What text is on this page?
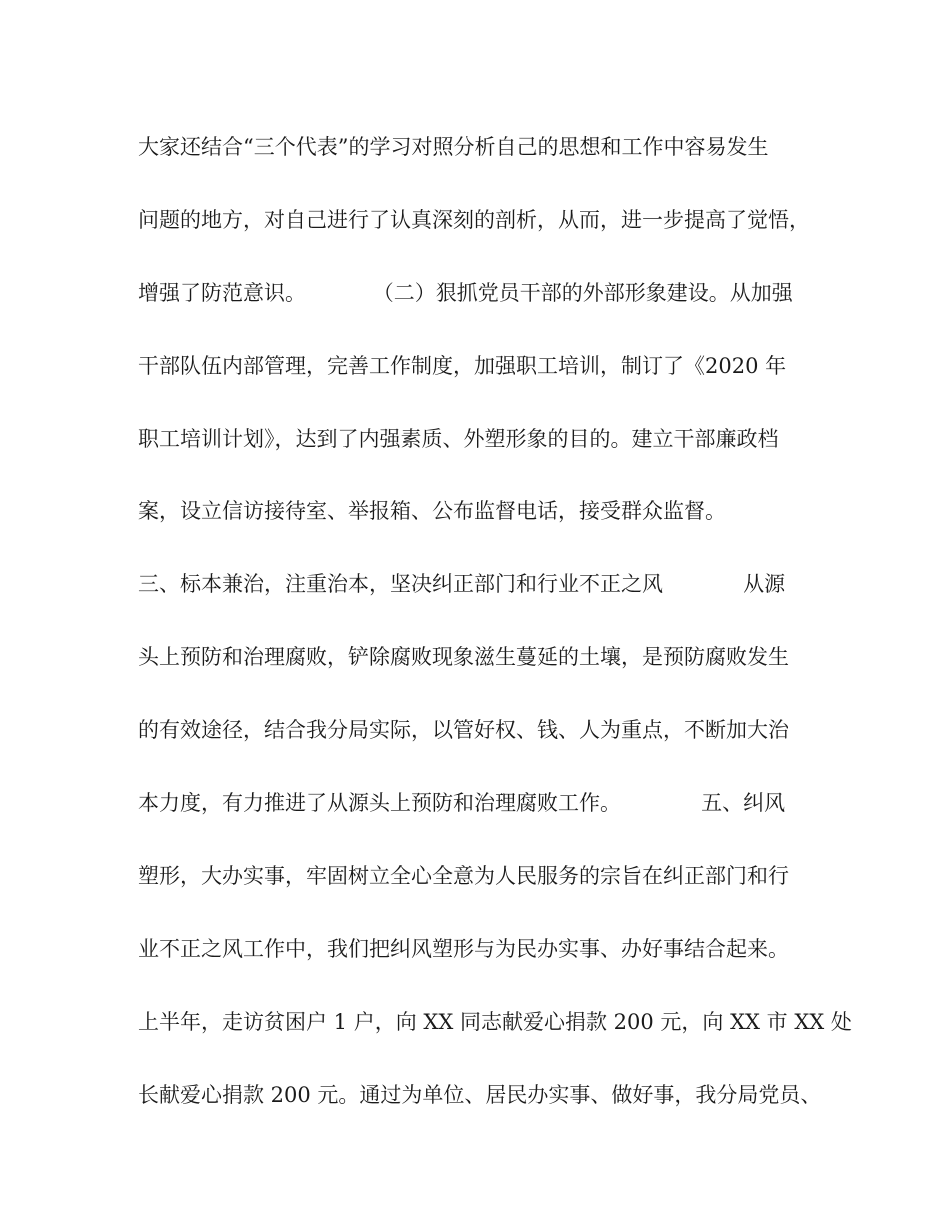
大家还结合“三个代表”的学习对照分析自己的思想和工作中容易发生
问题的地方，对自己进行了认真深刻的剖析，从而，进一步提高了觉悟，
增强了防范意识。          （二）狠抓党员干部的外部形象建设。从加强
干部队伍内部管理，完善工作制度，加强职工培训，制订了《2020 年
职工培训计划》，达到了内强素质、外塑形象的目的。建立干部廉政档
案，设立信访接待室、举报箱、公布监督电话，接受群众监督。
三、标本兼治，注重治本，坚决纠正部门和行业不正之风            从源
头上预防和治理腐败，铲除腐败现象滋生蔓延的土壤，是预防腐败发生
的有效途径，结合我分局实际，以管好权、钱、人为重点，不断加大治
本力度，有力推进了从源头上预防和治理腐败工作。            五、纠风
塑形，大办实事，牢固树立全心全意为人民服务的宗旨在纠正部门和行
业不正之风工作中，我们把纠风塑形与为民办实事、办好事结合起来。
上半年，走访贫困户 1 户，向 XX 同志献爱心捐款 200 元，向 XX 市 XX 处
长献爱心捐款 200 元。通过为单位、居民办实事、做好事，我分局党员、
